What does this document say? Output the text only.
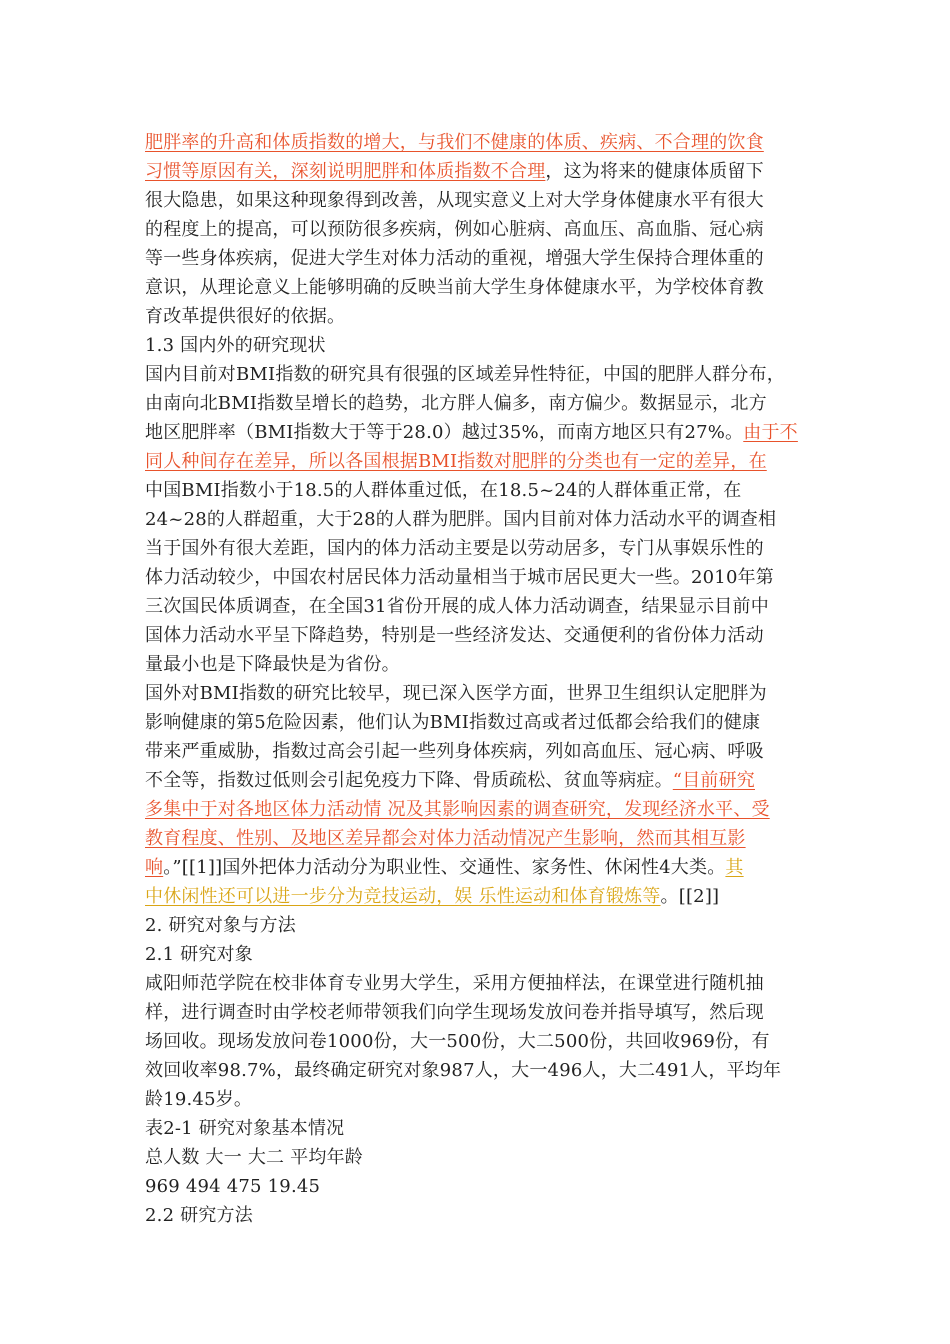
肥胖率的升高和体质指数的增大，与我们不健康的体质、疾病、不合理的饮食
习惯等原因有关，深刻说明肥胖和体质指数不合理，这为将来的健康体质留下
很大隐患，如果这种现象得到改善，从现实意义上对大学身体健康水平有很大
的程度上的提高，可以预防很多疾病，例如心脏病、高血压、高血脂、冠心病
等一些身体疾病，促进大学生对体力活动的重视，增强大学生保持合理体重的
意识，从理论意义上能够明确的反映当前大学生身体健康水平，为学校体育教
育改革提供很好的依据。
1.3 国内外的研究现状
国内目前对BMI指数的研究具有很强的区域差异性特征，中国的肥胖人群分布，
由南向北BMI指数呈增长的趋势，北方胖人偏多，南方偏少。数据显示，北方
地区肥胖率（BMI指数大于等于28.0）越过35%，而南方地区只有27%。由于不
同人种间存在差异，所以各国根据BMI指数对肥胖的分类也有一定的差异，在
中国BMI指数小于18.5的人群体重过低，在18.5~24的人群体重正常，在
24~28的人群超重，大于28的人群为肥胖。国内目前对体力活动水平的调查相
当于国外有很大差距，国内的体力活动主要是以劳动居多，专门从事娱乐性的
体力活动较少，中国农村居民体力活动量相当于城市居民更大一些。2010年第
三次国民体质调查，在全国31省份开展的成人体力活动调查，结果显示目前中
国体力活动水平呈下降趋势，特别是一些经济发达、交通便利的省份体力活动
量最小也是下降最快是为省份。
国外对BMI指数的研究比较早，现已深入医学方面，世界卫生组织认定肥胖为
影响健康的第5危险因素，他们认为BMI指数过高或者过低都会给我们的健康
带来严重威胁，指数过高会引起一些列身体疾病，列如高血压、冠心病、呼吸
不全等，指数过低则会引起免疫力下降、骨质疏松、贫血等病症。“目前研究
多集中于对各地区体力活动情 况及其影响因素的调查研究，发现经济水平、受
教育程度、性别、及地区差异都会对体力活动情况产生影响，然而其相互影
响。”[[1]]国外把体力活动分为职业性、交通性、家务性、休闲性4大类。其
中休闲性还可以进一步分为竞技运动，娱 乐性运动和体育锻炼等。[[2]]
2. 研究对象与方法
2.1 研究对象
咸阳师范学院在校非体育专业男大学生，采用方便抽样法，在课堂进行随机抽
样，进行调查时由学校老师带领我们向学生现场发放问卷并指导填写，然后现
场回收。现场发放问卷1000份，大一500份，大二500份，共回收969份，有
效回收率98.7%，最终确定研究对象987人，大一496人，大二491人，平均年
龄19.45岁。
表2-1 研究对象基本情况
总人数 大一 大二 平均年龄
969 494 475 19.45
2.2 研究方法
